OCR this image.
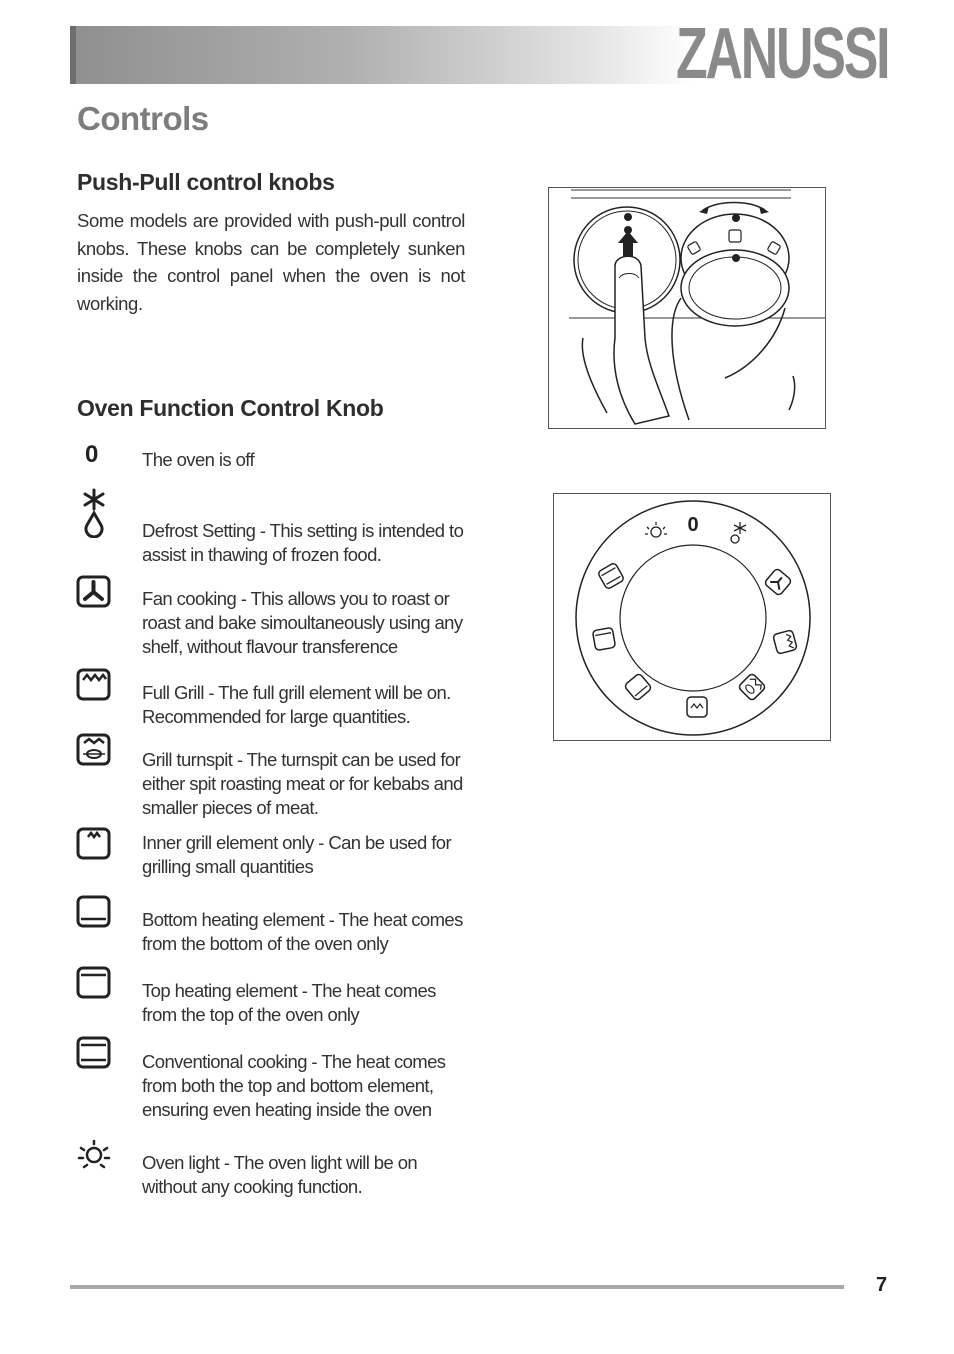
ZANUSSI
Controls
Push-Pull control knobs

Some models are provided with push-pull control knobs. These knobs can be completely sunken inside the control panel when the oven is not working.

Oven Function Control Knob
0 The oven is off

Defrost Setting - This setting is intended to assist in thawing of frozen food.

Fan cooking - This allows you to roast or roast and bake simoultaneously using any shelf, without flavour transference

Full Grill - The full grill element will be on. Recommended for large quantities.

Grill turnspit - The turnspit can be used for either spit roasting meat or for kebabs and smaller pieces of meat.

Inner grill element only - Can be used for grilling small quantities

Bottom heating element - The heat comes from the bottom of the oven only

Top heating element - The heat comes from the top of the oven only

Conventional cooking - The heat comes from both the top and bottom element, ensuring even heating inside the oven

Oven light - The oven light will be on without any cooking function.

0
7
